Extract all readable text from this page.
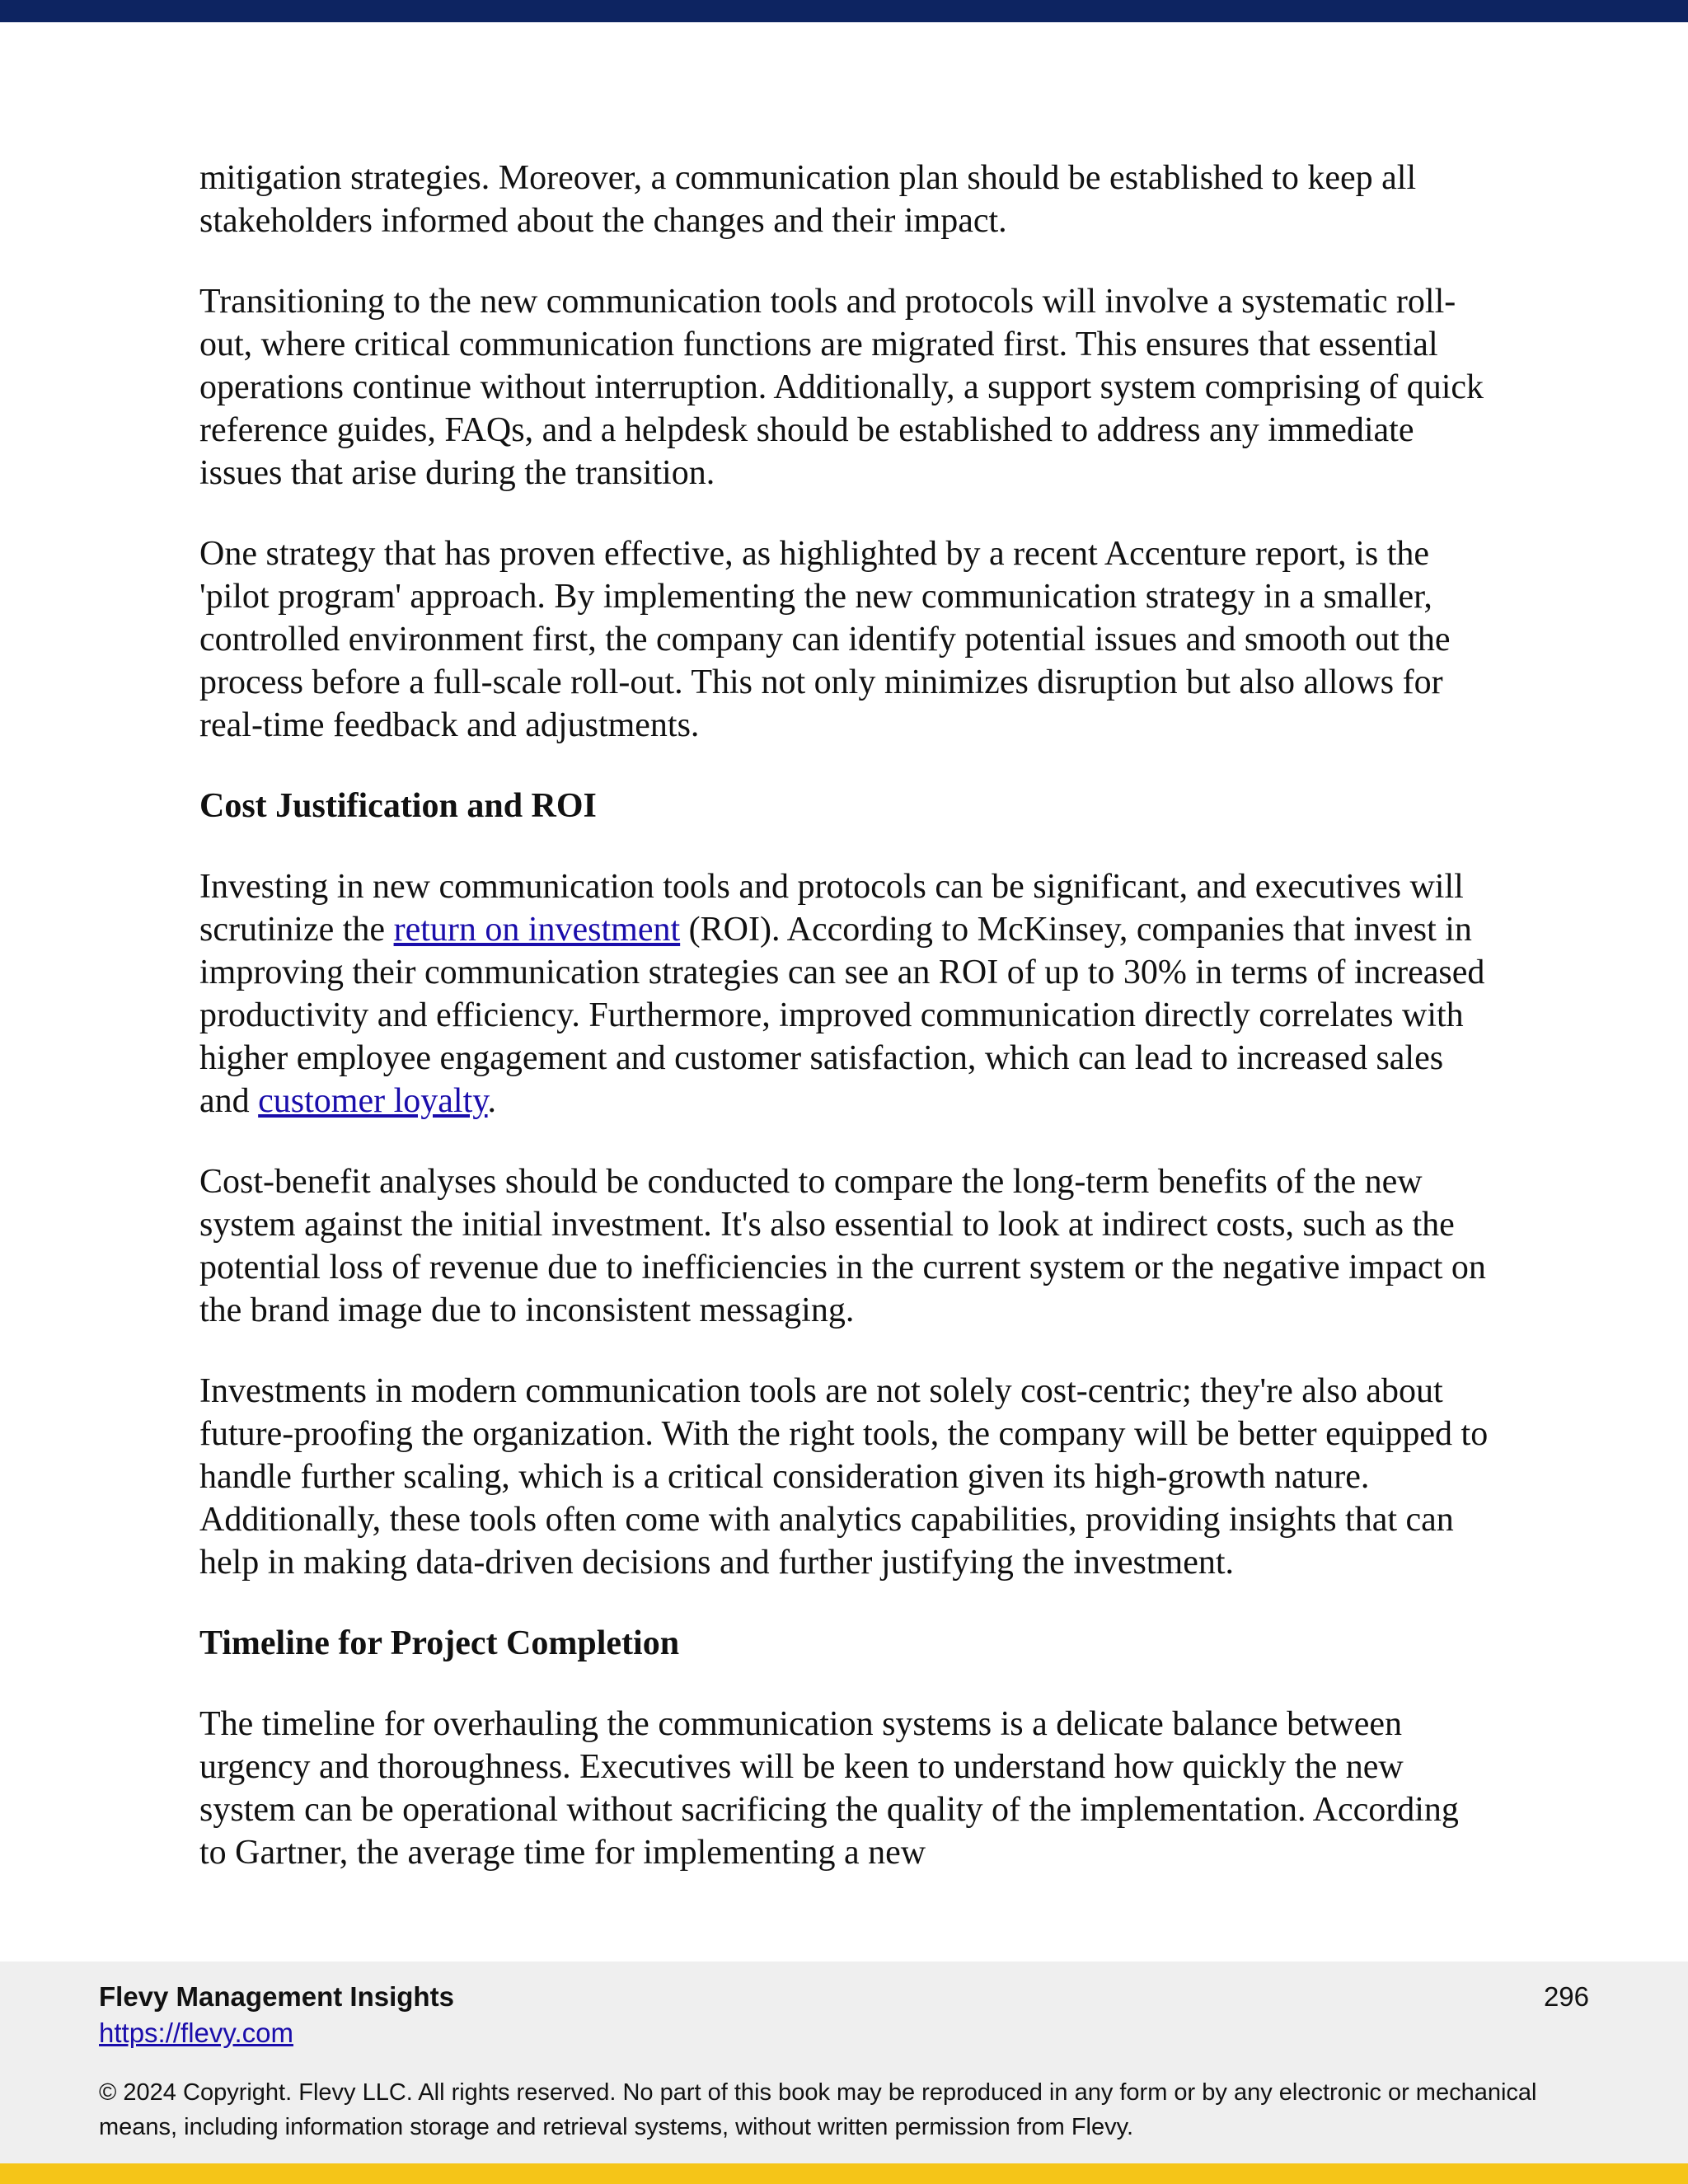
mitigation strategies. Moreover, a communication plan should be established to keep all stakeholders informed about the changes and their impact.

Transitioning to the new communication tools and protocols will involve a systematic roll-out, where critical communication functions are migrated first. This ensures that essential operations continue without interruption. Additionally, a support system comprising of quick reference guides, FAQs, and a helpdesk should be established to address any immediate issues that arise during the transition.

One strategy that has proven effective, as highlighted by a recent Accenture report, is the 'pilot program' approach. By implementing the new communication strategy in a smaller, controlled environment first, the company can identify potential issues and smooth out the process before a full-scale roll-out. This not only minimizes disruption but also allows for real-time feedback and adjustments.

Cost Justification and ROI

Investing in new communication tools and protocols can be significant, and executives will scrutinize the return on investment (ROI). According to McKinsey, companies that invest in improving their communication strategies can see an ROI of up to 30% in terms of increased productivity and efficiency. Furthermore, improved communication directly correlates with higher employee engagement and customer satisfaction, which can lead to increased sales and customer loyalty.

Cost-benefit analyses should be conducted to compare the long-term benefits of the new system against the initial investment. It's also essential to look at indirect costs, such as the potential loss of revenue due to inefficiencies in the current system or the negative impact on the brand image due to inconsistent messaging.

Investments in modern communication tools are not solely cost-centric; they're also about future-proofing the organization. With the right tools, the company will be better equipped to handle further scaling, which is a critical consideration given its high-growth nature. Additionally, these tools often come with analytics capabilities, providing insights that can help in making data-driven decisions and further justifying the investment.

Timeline for Project Completion

The timeline for overhauling the communication systems is a delicate balance between urgency and thoroughness. Executives will be keen to understand how quickly the new system can be operational without sacrificing the quality of the implementation. According to Gartner, the average time for implementing a new

Flevy Management Insights
https://flevy.com
296
© 2024 Copyright. Flevy LLC. All rights reserved. No part of this book may be reproduced in any form or by any electronic or mechanical means, including information storage and retrieval systems, without written permission from Flevy.
